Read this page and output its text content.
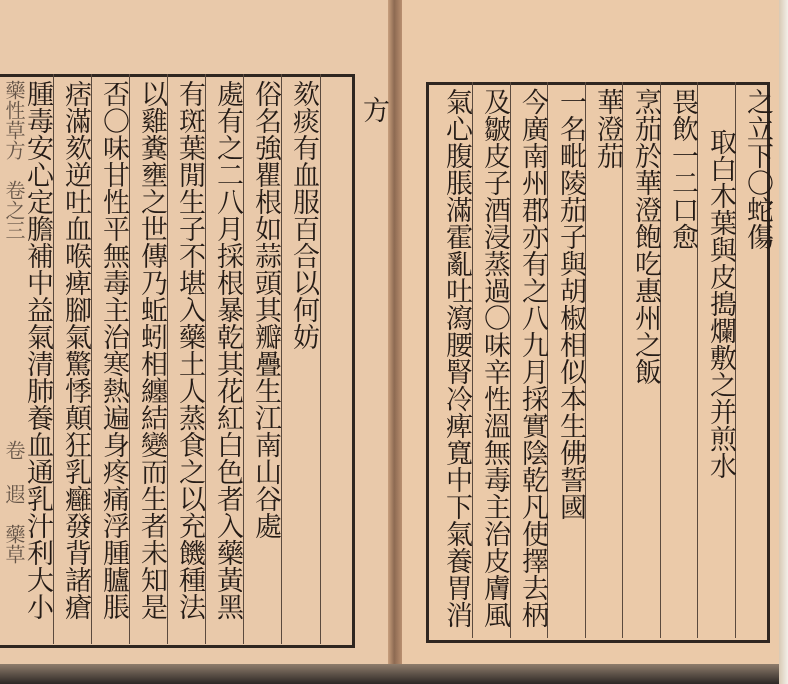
之立下〇蛇傷
取白木葉與皮搗爛敷之并煎水
畏飲一二口愈
烹茄於華澄飽吃惠州之飯
華澄茄
一名毗陵茄子與胡椒相似本生佛誓國
今廣南州郡亦有之八九月採實陰乾凡使擇去柄
及皺皮子酒浸蒸過〇味辛性溫無毒主治皮膚風
氣心腹脹滿霍亂吐瀉腰腎冷痺寬中下氣養胃消
方
欬痰有血服百合以何妨
俗名強瞿根如蒜頭其瓣疊生江南山谷處
處有之二八月採根暴乾其花紅白色者入藥黃黑
有斑葉閒生子不堪入藥土人蒸食之以充饑種法
以雞糞壅之世傳乃蚯蚓相纏結變而生者未知是
否〇味甘性平無毒主治寒熱遍身疼痛浮腫臚脹
痞滿欬逆吐血喉痺腳氣驚悸顛狂乳癰發背諸瘡
腫毒安心定膽補中益氣清肺養血通乳汁利大小
藥性草方　卷之三
卷 遐　藥草
